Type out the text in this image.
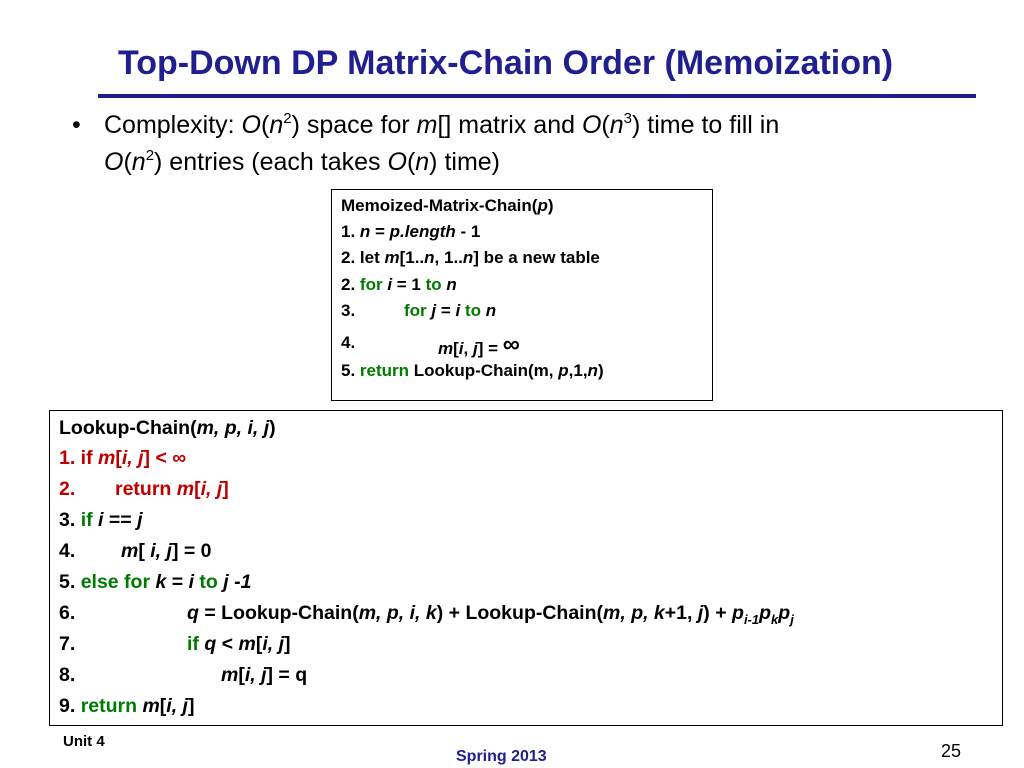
Top-Down DP Matrix-Chain Order (Memoization)
• Complexity: $O(n^2)$ space for m[] matrix and $O(n^3)$ time to fill in
$O(n^2)$ entries (each takes O(n) time)
Memoized-Matrix-Chain(p)
1. n = p.length - 1
2. let m[1..n, 1..n] be a new table
2. for i = 1 to n
3.	for j = i to n
4.	m[i, j] = ∞
5. return Lookup-Chain(m, p,1,n)
Lookup-Chain(m, p, i, j)
1. if m[i, j] < ∞
2. return m[i, j]
3. if i == j
4. m[ i, j] = 0
5. else for k = i to j -1
6.	q = Lookup-Chain(m, p, i, k) + Lookup-Chain(m, p, k+1, $j) + p_{i-1}p_kp_j$
7.	if q < m[i, j]
8.	m[i, j] = q
9. return m[i, j]
Unit 4
Spring 2013	25
